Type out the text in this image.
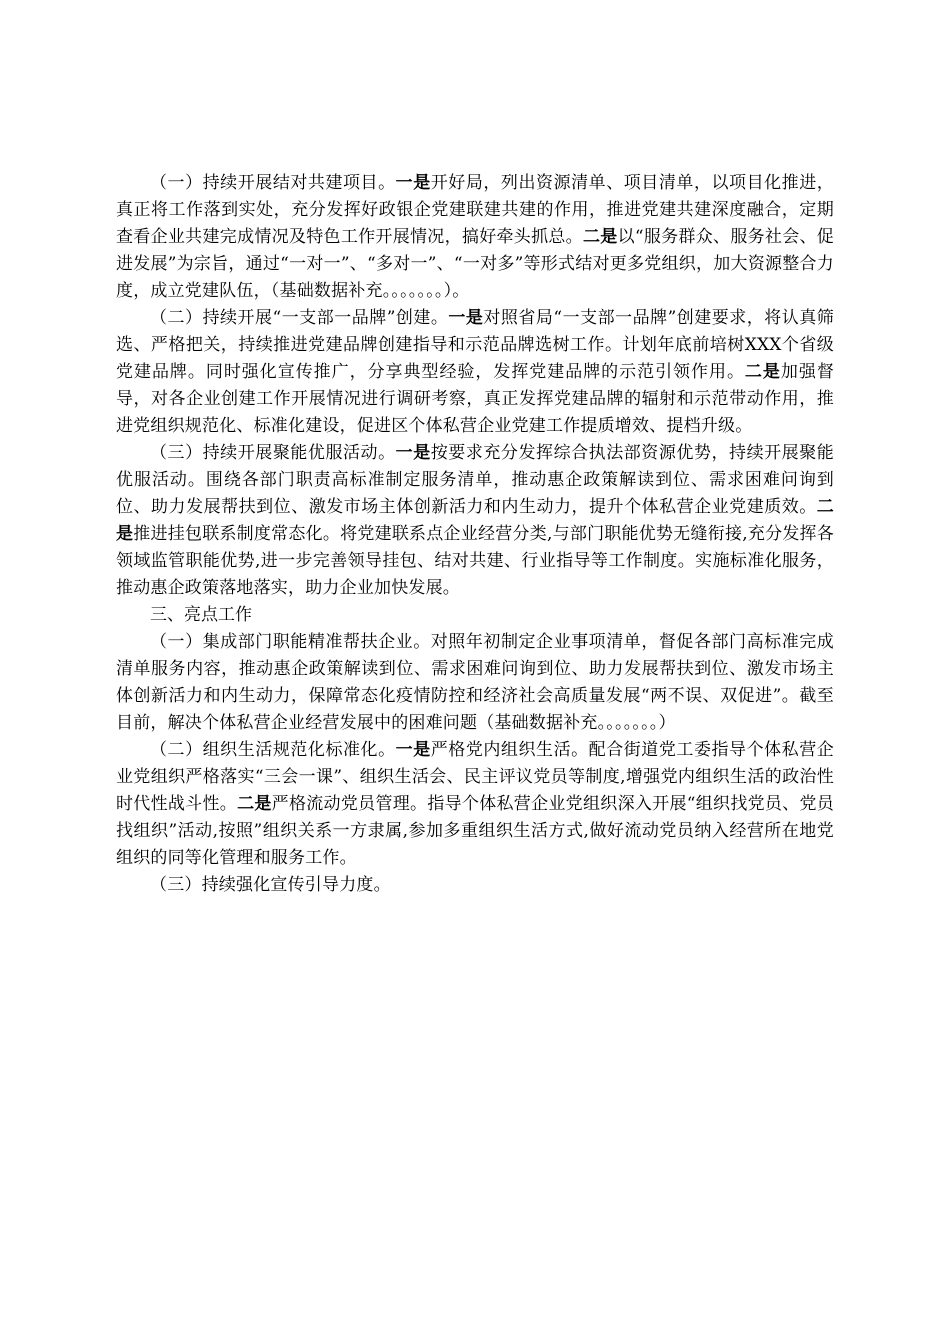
（一）持续开展结对共建项目。一是开好局，列出资源清单、项目清单，以项目化推进，真正将工作落到实处，充分发挥好政银企党建联建共建的作用，推进党建共建深度融合，定期查看企业共建完成情况及特色工作开展情况，搞好牵头抓总。二是以“服务群众、服务社会、促进发展”为宗旨，通过“一对一”、“多对一”、“一对多”等形式结对更多党组织，加大资源整合力度，成立党建队伍，（基础数据补充。。。。。。。）。

（二）持续开展“一支部一品牌”创建。一是对照省局“一支部一品牌”创建要求，将认真筛选、严格把关，持续推进党建品牌创建指导和示范品牌选树工作。计划年底前培树XXX个省级党建品牌。同时强化宣传推广，分享典型经验，发挥党建品牌的示范引领作用。二是加强督导，对各企业创建工作开展情况进行调研考察，真正发挥党建品牌的辐射和示范带动作用，推进党组织规范化、标准化建设，促进区个体私营企业党建工作提质增效、提档升级。

（三）持续开展聚能优服活动。一是按要求充分发挥综合执法部资源优势，持续开展聚能优服活动。围绕各部门职责高标准制定服务清单，推动惠企政策解读到位、需求困难问询到位、助力发展帮扶到位、激发市场主体创新活力和内生动力，提升个体私营企业党建质效。二是推进挂包联系制度常态化。将党建联系点企业经营分类,与部门职能优势无缝衔接,充分发挥各领域监管职能优势,进一步完善领导挂包、结对共建、行业指导等工作制度。实施标准化服务，推动惠企政策落地落实，助力企业加快发展。

三、亮点工作

（一）集成部门职能精准帮扶企业。对照年初制定企业事项清单，督促各部门高标准完成清单服务内容，推动惠企政策解读到位、需求困难问询到位、助力发展帮扶到位、激发市场主体创新活力和内生动力，保障常态化疫情防控和经济社会高质量发展“两不误、双促进”。截至目前，解决个体私营企业经营发展中的困难问题（基础数据补充。。。。。。。）

（二）组织生活规范化标准化。一是严格党内组织生活。配合街道党工委指导个体私营企业党组织严格落实“三会一课”、组织生活会、民主评议党员等制度,增强党内组织生活的政治性时代性战斗性。二是严格流动党员管理。指导个体私营企业党组织深入开展“组织找党员、党员找组织”活动,按照”组织关系一方隶属,参加多重组织生活方式,做好流动党员纳入经营所在地党组织的同等化管理和服务工作。

（三）持续强化宣传引导力度。
